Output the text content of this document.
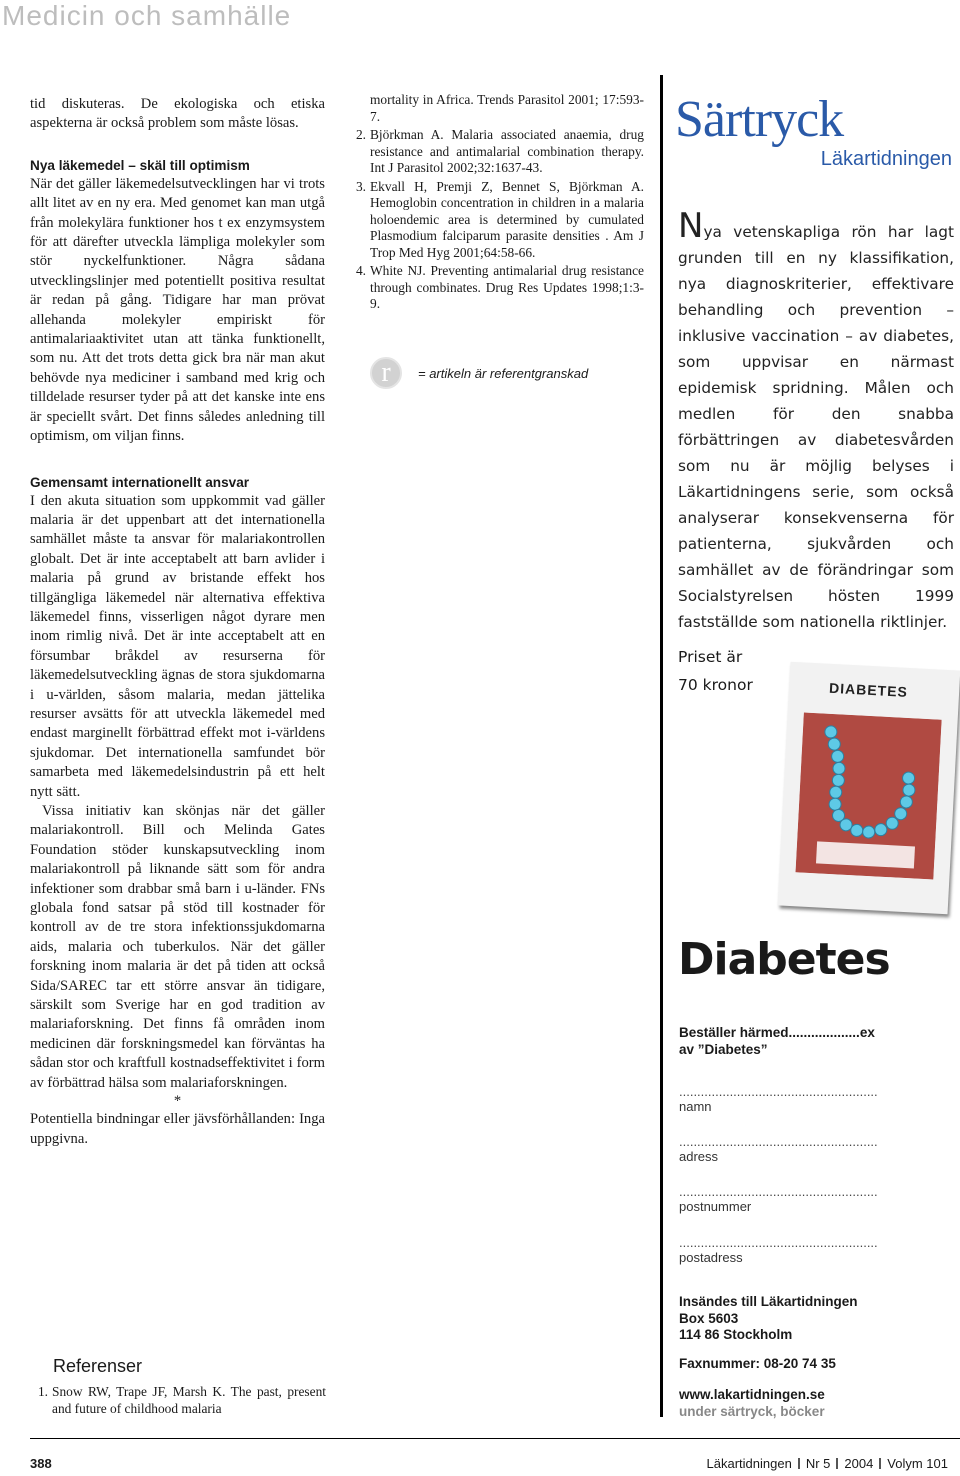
Medicin och samhälle

tid diskuteras. De ekologiska och etiska aspekterna är också problem som måste lösas.

Nya läkemedel – skäl till optimism

När det gäller läkemedelsutvecklingen har vi trots allt litet av en ny era. Med genomet kan man utgå från molekylära funktioner hos t ex enzymsystem för att därefter utveckla lämpliga molekyler som stör nyckelfunktioner. Några sådana utvecklingslinjer med potentiellt positiva resultat är redan på gång. Tidigare har man prövat allehanda molekyler empiriskt för antimalariaaktivitet utan att tänka funktionellt, som nu. Att det trots detta gick bra när man akut behövde nya mediciner i samband med krig och tilldelade resurser tyder på att det kanske inte ens är speciellt svårt. Det finns således anledning till optimism, om viljan finns.

Gemensamt internationellt ansvar

I den akuta situation som uppkommit vad gäller malaria är det uppenbart att det internationella samhället måste ta ansvar för malariakontrollen globalt. Det är inte acceptabelt att barn avlider i malaria på grund av bristande effekt hos tillgängliga läkemedel när alternativa effektiva läkemedel finns, visserligen något dyrare men inom rimlig nivå. Det är inte acceptabelt att en försumbar bråkdel av resurserna för läkemedelsutveckling ägnas de stora sjukdomarna i u-världen, såsom malaria, medan jättelika resurser avsätts för att utveckla läkemedel med endast marginellt förbättrad effekt mot i-världens sjukdomar. Det internationella samfundet bör samarbeta med läkemedelsindustrin på ett helt nytt sätt.

Vissa initiativ kan skönjas när det gäller malariakontroll. Bill och Melinda Gates Foundation stöder kunskapsutveckling inom malariakontroll på liknande sätt som för andra infektioner som drabbar små barn i u-länder. FNs globala fond satsar på stöd till kostnader för kontroll av de tre stora infektionssjukdomarna aids, malaria och tuberkulos. När det gäller forskning inom malaria är det på tiden att också Sida/SAREC tar ett större ansvar än tidigare, särskilt som Sverige har en god tradition av malariaforskning. Det finns få områden inom medicinen där forskningsmedel kan förväntas ha sådan stor och kraftfull kostnadseffektivitet i form av förbättrad hälsa som malariaforskningen.

*

Potentiella bindningar eller jävsförhållanden: Inga uppgivna.

Referenser
1. Snow RW, Trape JF, Marsh K. The past, present and future of childhood malaria
mortality in Africa. Trends Parasitol 2001; 17:593-7.
2. Björkman A. Malaria associated anaemia, drug resistance and antimalarial combination therapy. Int J Parasitol 2002;32:1637-43.
3. Ekvall H, Premji Z, Bennet S, Björkman A. Hemoglobin concentration in children in a malaria holoendemic area is determined by cumulated Plasmodium falciparum parasite densities . Am J Trop Med Hyg 2001;64:58-66.
4. White NJ. Preventing antimalarial drug resistance through combinates. Drug Res Updates 1998;1:3-9.
r	= artikeln är referentgranskad

Särtryck

Läkartidningen

Nya vetenskapliga rön har lagt grunden till en ny klassifikation, nya diagnoskriterier, effektivare behandling och prevention – inklusive vaccination – av diabetes, som uppvisar en närmast epidemisk spridning. Målen och medlen för den snabba förbättringen av diabetesvården som nu är möjlig belyses i Läkartidningens serie, som också analyserar konsekvenserna för patienterna, sjukvården och samhället av de förändringar som Socialstyrelsen hösten 1999 fastställde som nationella riktlinjer.
Priset är
70 kronor	DIABETES
Diabetes
Beställer härmed...................ex
av ”Diabetes”
.......................................................
namn
.......................................................
adress
.......................................................
postnummer
.......................................................
postadress
Insändes till Läkartidningen
Box 5603
114 86 Stockholm
Faxnummer: 08-20 74 35
www.lakartidningen.se
under särtryck, böcker
388	Läkartidningen Nr 5 2004 Volym 101
